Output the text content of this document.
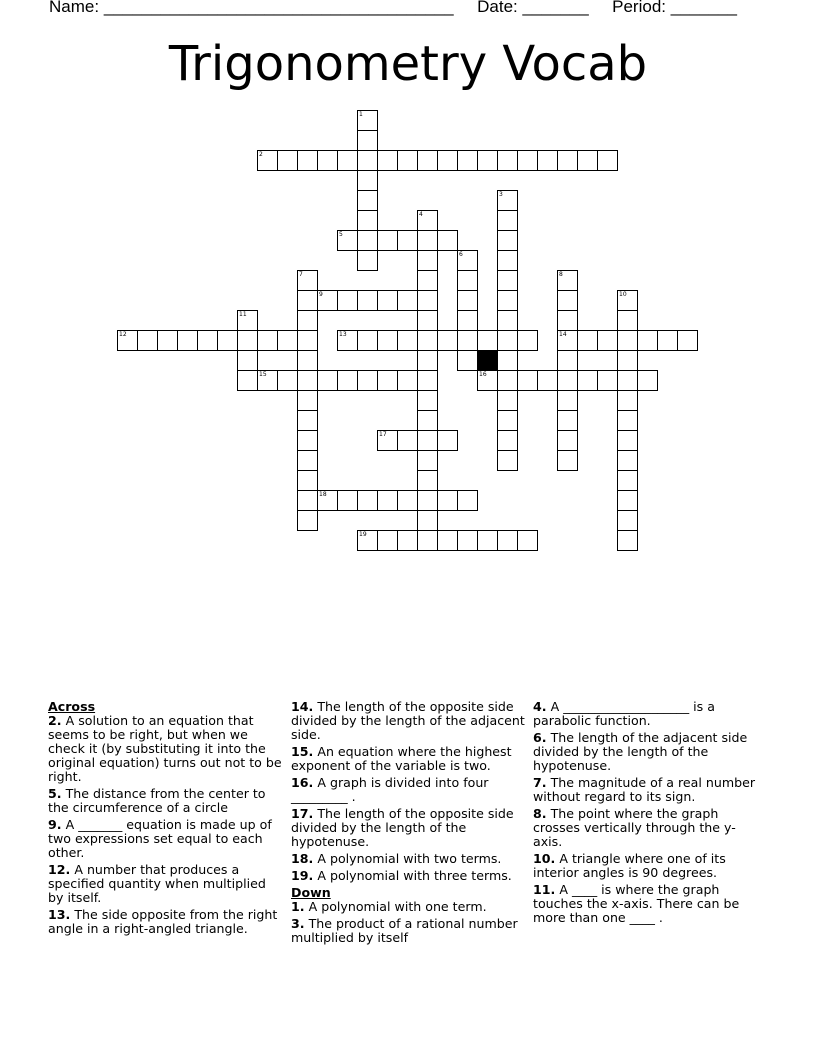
Name: _____________________________________ Date: _______ Period: _______
Trigonometry Vocab
1
2
3
4
5
6
7	8
14
9	10
11
12	13
15	16
17
18
19

Across

2. A solution to an equation that seems to be right, but when we check it (by substituting it into the original equation) turns out not to be right.

5. The distance from the center to the circumference of a circle

9. A _______ equation is made up of two expressions set equal to each other.

12. A number that produces a specified quantity when multiplied by itself.

13. The side opposite from the right angle in a right-angled triangle.

14. The length of the opposite side divided by the length of the adjacent side.

15. An equation where the highest exponent of the variable is two.

16. A graph is divided into four _________ .

17. The length of the opposite side divided by the length of the hypotenuse.

18. A polynomial with two terms.

19. A polynomial with three terms.

Down

1. A polynomial with one term.

3. The product of a rational number multiplied by itself

4. A ____________________ is a parabolic function.

6. The length of the adjacent side divided by the length of the hypotenuse.

7. The magnitude of a real number without regard to its sign.

8. The point where the graph crosses vertically through the y-axis.

10. A triangle where one of its interior angles is 90 degrees.

11. A ____ is where the graph touches the x-axis. There can be more than one ____ .
